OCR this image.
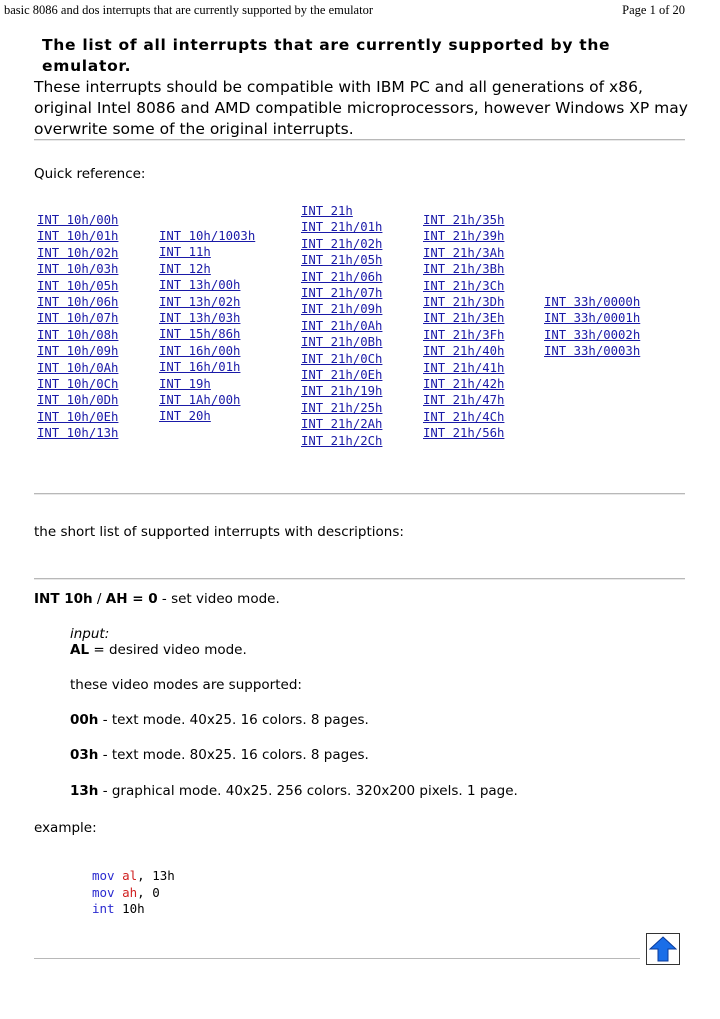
basic 8086 and dos interrupts that are currently supported by the emulator	Page 1 of 20
The list of all interrupts that are currently supported by the emulator.
These interrupts should be compatible with IBM PC and all generations of x86, original Intel 8086 and AMD compatible microprocessors, however Windows XP may overwrite some of the original interrupts.
Quick reference:
INT 10h/00h
INT 10h/01h
INT 10h/02h
INT 10h/03h
INT 10h/05h
INT 10h/06h
INT 10h/07h
INT 10h/08h
INT 10h/09h
INT 10h/0Ah
INT 10h/0Ch
INT 10h/0Dh
INT 10h/0Eh
INT 10h/13h
INT 10h/1003h
INT 11h
INT 12h
INT 13h/00h
INT 13h/02h
INT 13h/03h
INT 15h/86h
INT 16h/00h
INT 16h/01h
INT 19h
INT 1Ah/00h
INT 20h
INT 21h
INT 21h/01h
INT 21h/02h
INT 21h/05h
INT 21h/06h
INT 21h/07h
INT 21h/09h
INT 21h/0Ah
INT 21h/0Bh
INT 21h/0Ch
INT 21h/0Eh
INT 21h/19h
INT 21h/25h
INT 21h/2Ah
INT 21h/2Ch
INT 21h/35h
INT 21h/39h
INT 21h/3Ah
INT 21h/3Bh
INT 21h/3Ch
INT 21h/3Dh
INT 21h/3Eh
INT 21h/3Fh
INT 21h/40h
INT 21h/41h
INT 21h/42h
INT 21h/47h
INT 21h/4Ch
INT 21h/56h
INT 33h/0000h
INT 33h/0001h
INT 33h/0002h
INT 33h/0003h
the short list of supported interrupts with descriptions:
INT 10h / AH = 0 - set video mode.
input:
AL = desired video mode.
these video modes are supported:
00h - text mode. 40x25. 16 colors. 8 pages.
03h - text mode. 80x25. 16 colors. 8 pages.
13h - graphical mode. 40x25. 256 colors. 320x200 pixels. 1 page.
example:
mov al, 13h
mov ah, 0
int 10h
